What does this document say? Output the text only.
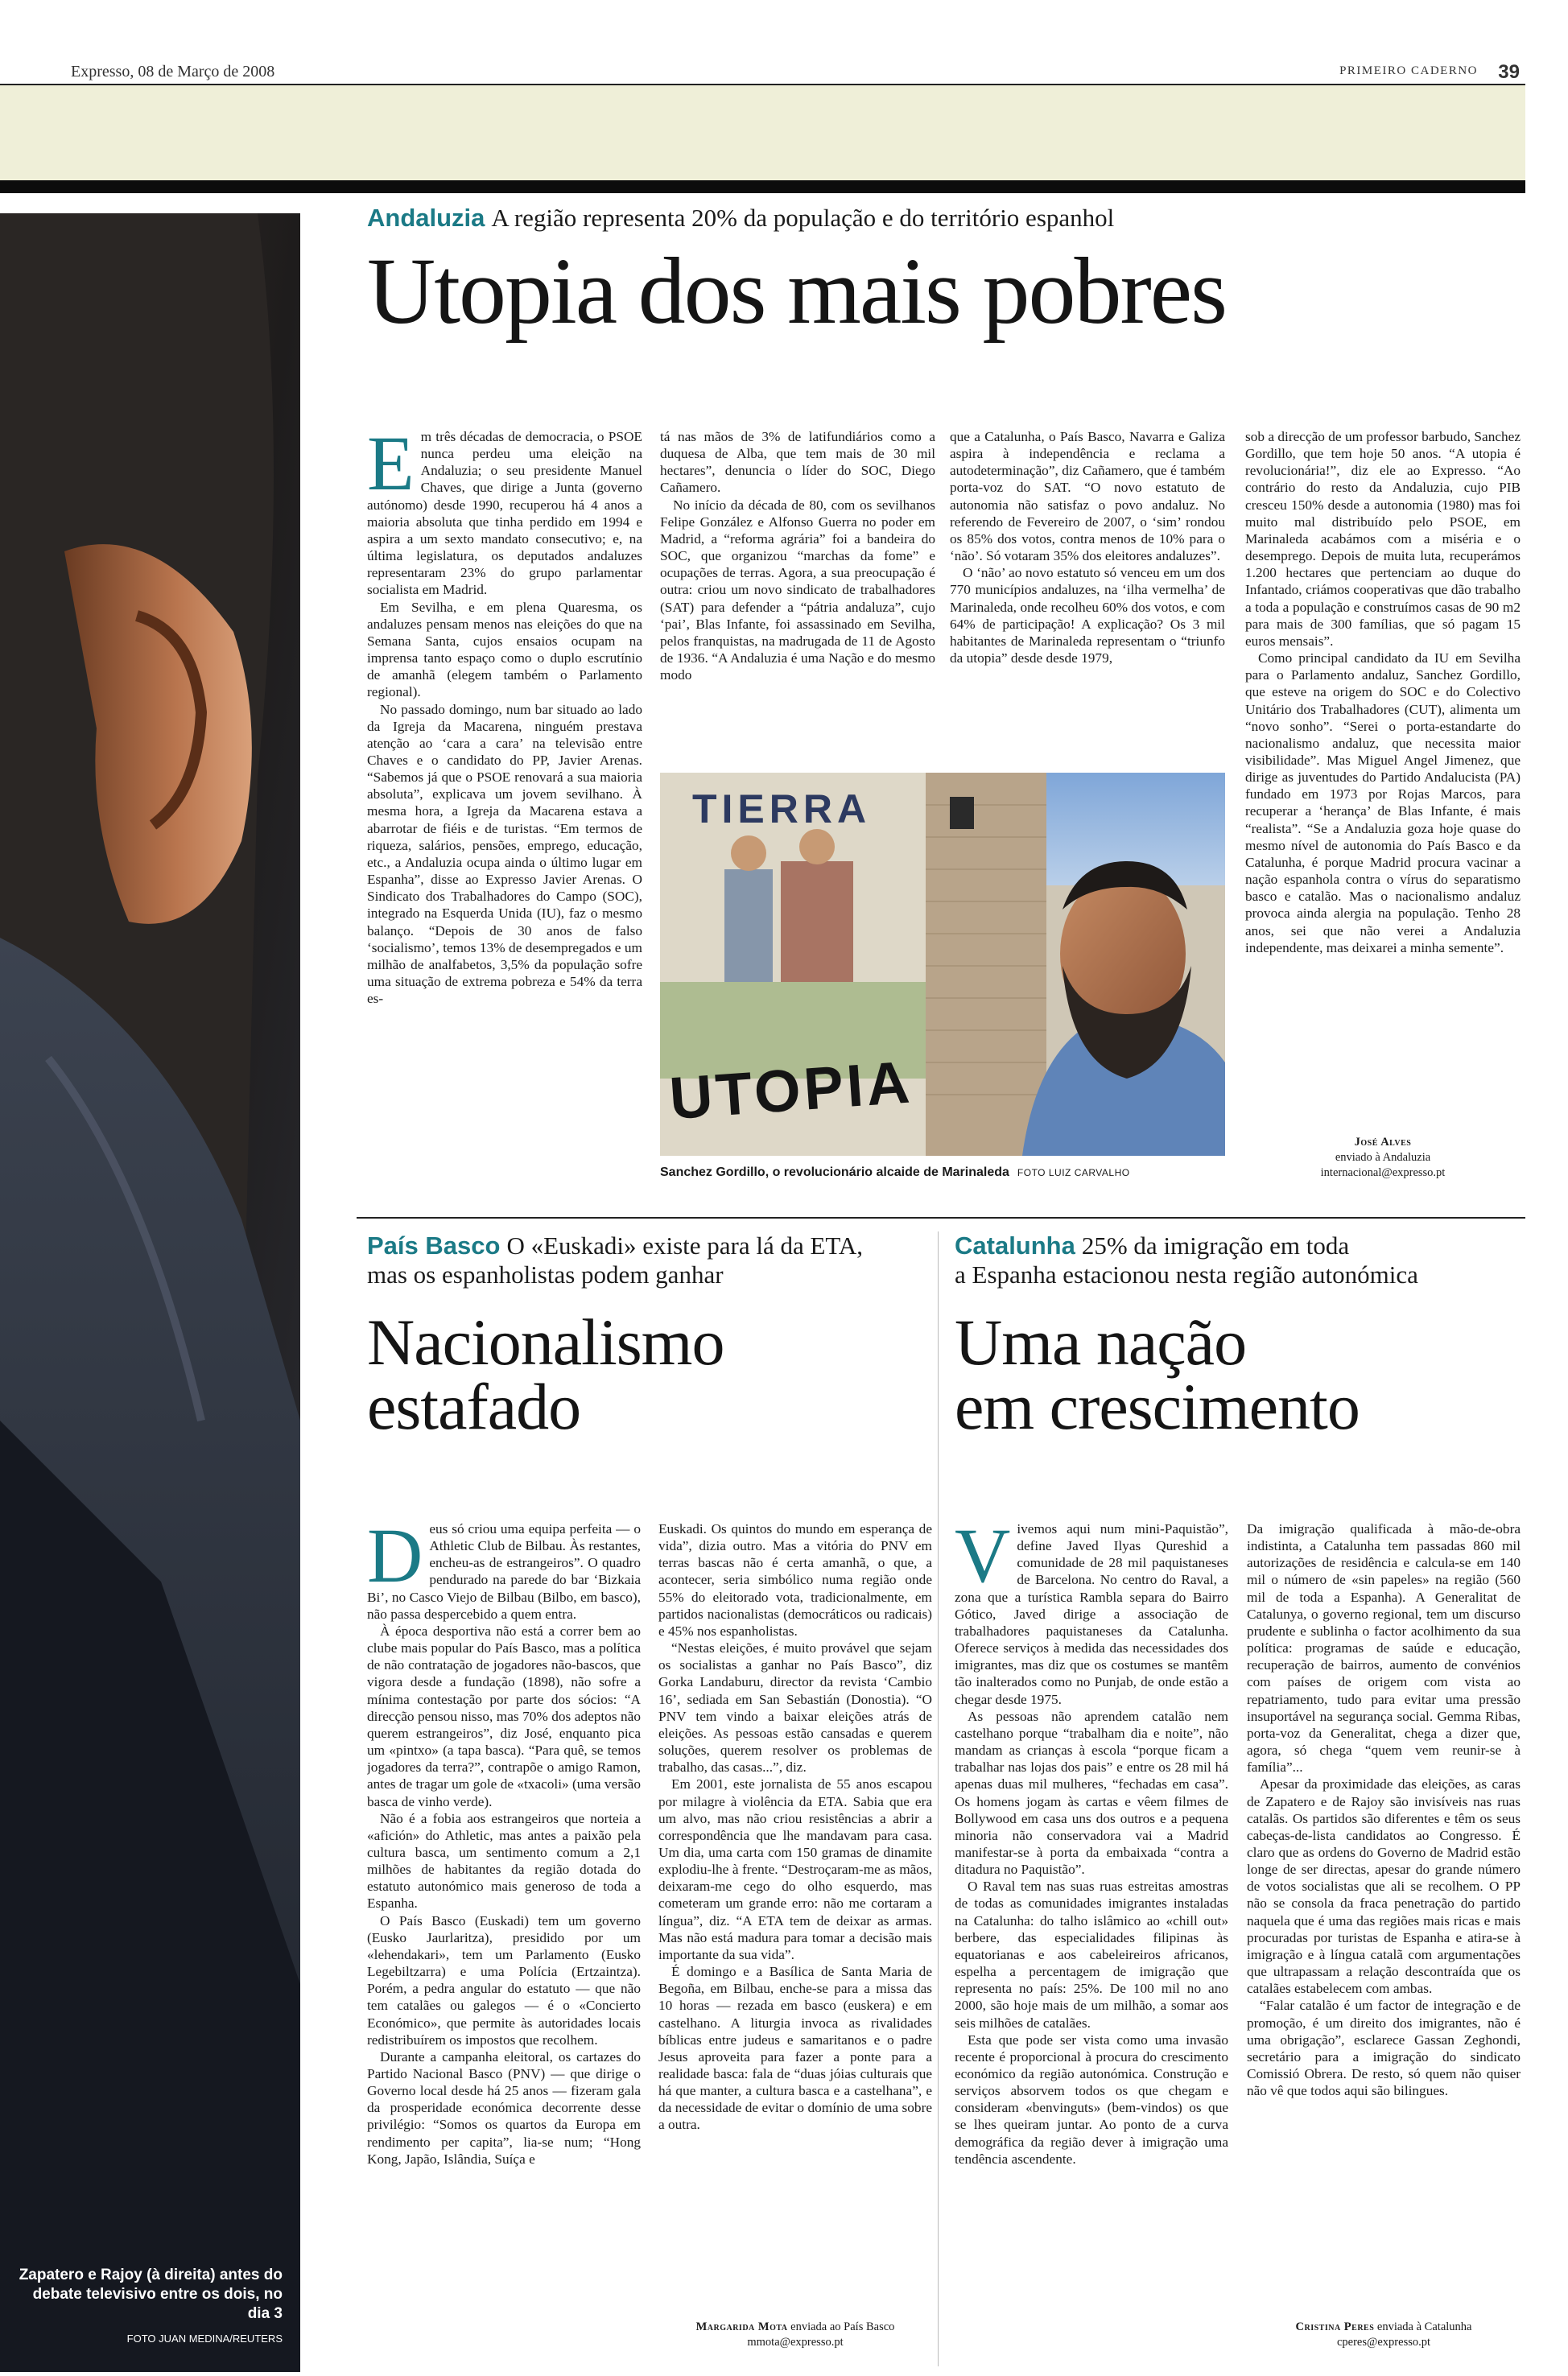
Expresso, 08 de Março de 2008	PRIMEIRO CADERNO 39
Zapatero e Rajoy (à direita) antes do debate televisivo entre os dois, no dia 3
FOTO JUAN MEDINA/REUTERS
Andaluzia A região representa 20% da população e do território espanhol
Utopia dos mais pobres

Em três décadas de democracia, o PSOE nunca perdeu uma eleição na Andaluzia; o seu presidente Manuel Chaves, que dirige a Junta (governo autónomo) desde 1990, recuperou há 4 anos a maioria absoluta que tinha perdido em 1994 e aspira a um sexto mandato consecutivo; e, na última legislatura, os deputados andaluzes representaram 23% do grupo parlamentar socialista em Madrid.

Em Sevilha, e em plena Quaresma, os andaluzes pensam menos nas eleições do que na Semana Santa, cujos ensaios ocupam na imprensa tanto espaço como o duplo escrutínio de amanhã (elegem também o Parlamento regional).

No passado domingo, num bar situado ao lado da Igreja da Macarena, ninguém prestava atenção ao ‘cara a cara’ na televisão entre Chaves e o candidato do PP, Javier Arenas. “Sabemos já que o PSOE renovará a sua maioria absoluta”, explicava um jovem sevilhano. À mesma hora, a Igreja da Macarena estava a abarrotar de fiéis e de turistas. “Em termos de riqueza, salários, pensões, emprego, educação, etc., a Andaluzia ocupa ainda o último lugar em Espanha”, disse ao Expresso Javier Arenas. O Sindicato dos Trabalhadores do Campo (SOC), integrado na Esquerda Unida (IU), faz o mesmo balanço. “Depois de 30 anos de falso ‘socialismo’, temos 13% de desempregados e um milhão de analfabetos, 3,5% da população sofre uma situação de extrema pobreza e 54% da terra es-

tá nas mãos de 3% de latifundiários como a duquesa de Alba, que tem mais de 30 mil hectares”, denuncia o líder do SOC, Diego Cañamero.

No início da década de 80, com os sevilhanos Felipe González e Alfonso Guerra no poder em Madrid, a “reforma agrária” foi a bandeira do SOC, que organizou “marchas da fome” e ocupações de terras. Agora, a sua preocupação é outra: criou um novo sindicato de trabalhadores (SAT) para defender a “pátria andaluza”, cujo ‘pai’, Blas Infante, foi assassinado em Sevilha, pelos franquistas, na madrugada de 11 de Agosto de 1936. “A Andaluzia é uma Nação e do mesmo modo

que a Catalunha, o País Basco, Navarra e Galiza aspira à independência e reclama a autodeterminação”, diz Cañamero, que é também porta-voz do SAT. “O novo estatuto de autonomia não satisfaz o povo andaluz. No referendo de Fevereiro de 2007, o ‘sim’ rondou os 85% dos votos, contra menos de 10% para o ‘não’. Só votaram 35% dos eleitores andaluzes”.

O ‘não’ ao novo estatuto só venceu em um dos 770 municípios andaluzes, na ‘ilha vermelha’ de Marinaleda, onde recolheu 60% dos votos, e com 64% de participação! A explicação? Os 3 mil habitantes de Marinaleda representam o “triunfo da utopia” desde desde 1979,

sob a direcção de um professor barbudo, Sanchez Gordillo, que tem hoje 50 anos. “A utopia é revolucionária!”, diz ele ao Expresso. “Ao contrário do resto da Andaluzia, cujo PIB cresceu 150% desde a autonomia (1980) mas foi muito mal distribuído pelo PSOE, em Marinaleda acabámos com a miséria e o desemprego. Depois de muita luta, recuperámos 1.200 hectares que pertenciam ao duque do Infantado, criámos cooperativas que dão trabalho a toda a população e construímos casas de 90 m2 para mais de 300 famílias, que só pagam 15 euros mensais”.

Como principal candidato da IU em Sevilha para o Parlamento andaluz, Sanchez Gordillo, que esteve na origem do SOC e do Colectivo Unitário dos Trabalhadores (CUT), alimenta um “novo sonho”. “Serei o porta-estandarte do nacionalismo andaluz, que necessita maior visibilidade”. Mas Miguel Angel Jimenez, que dirige as juventudes do Partido Andalucista (PA) fundado em 1973 por Rojas Marcos, para recuperar a ‘herança’ de Blas Infante, é mais “realista”. “Se a Andaluzia goza hoje quase do mesmo nível de autonomia do País Basco e da Catalunha, é porque Madrid procura vacinar a nação espanhola contra o vírus do separatismo basco e catalão. Mas o nacionalismo andaluz provoca ainda alergia na população. Tenho 28 anos, sei que não verei a Andaluzia independente, mas deixarei a minha semente”.

José Alves
enviado à Andaluzia
internacional@expresso.pt
TIERRA
UTOPIA
Sanchez Gordillo, o revolucionário alcaide de Marinaleda FOTO LUIZ CARVALHO
País Basco O «Euskadi» existe para lá da ETA,
mas os espanholistas podem ganhar
Nacionalismo
estafado

Deus só criou uma equipa perfeita — o Athletic Club de Bilbau. Às restantes, encheu-as de estrangeiros”. O quadro pendurado na parede do bar ‘Bizkaia Bi’, no Casco Viejo de Bilbau (Bilbo, em basco), não passa despercebido a quem entra.

À época desportiva não está a correr bem ao clube mais popular do País Basco, mas a política de não contratação de jogadores não-bascos, que vigora desde a fundação (1898), não sofre a mínima contestação por parte dos sócios: “A direcção pensou nisso, mas 70% dos adeptos não querem estrangeiros”, diz José, enquanto pica um «pintxo» (a tapa basca). “Para quê, se temos jogadores da terra?”, contrapõe o amigo Ramon, antes de tragar um gole de «txacoli» (uma versão basca de vinho verde).

Não é a fobia aos estrangeiros que norteia a «afición» do Athletic, mas antes a paixão pela cultura basca, um sentimento comum a 2,1 milhões de habitantes da região dotada do estatuto autonómico mais generoso de toda a Espanha.

O País Basco (Euskadi) tem um governo (Eusko Jaurlaritza), presidido por um «lehendakari», tem um Parlamento (Eusko Legebiltzarra) e uma Polícia (Ertzaintza). Porém, a pedra angular do estatuto — que não tem catalães ou galegos — é o «Concierto Económico», que permite às autoridades locais redistribuírem os impostos que recolhem.

Durante a campanha eleitoral, os cartazes do Partido Nacional Basco (PNV) — que dirige o Governo local desde há 25 anos — fizeram gala da prosperidade económica decorrente desse privilégio: “Somos os quartos da Europa em rendimento per capita”, lia-se num; “Hong Kong, Japão, Islândia, Suíça e

Euskadi. Os quintos do mundo em esperança de vida”, dizia outro. Mas a vitória do PNV em terras bascas não é certa amanhã, o que, a acontecer, seria simbólico numa região onde 55% do eleitorado vota, tradicionalmente, em partidos nacionalistas (democráticos ou radicais) e 45% nos espanholistas.

“Nestas eleições, é muito provável que sejam os socialistas a ganhar no País Basco”, diz Gorka Landaburu, director da revista ‘Cambio 16’, sediada em San Sebastián (Donostia). “O PNV tem vindo a baixar eleições atrás de eleições. As pessoas estão cansadas e querem soluções, querem resolver os problemas de trabalho, das casas...”, diz.

Em 2001, este jornalista de 55 anos escapou por milagre à violência da ETA. Sabia que era um alvo, mas não criou resistências a abrir a correspondência que lhe mandavam para casa. Um dia, uma carta com 150 gramas de dinamite explodiu-lhe à frente. “Destroçaram-me as mãos, deixaram-me cego do olho esquerdo, mas cometeram um grande erro: não me cortaram a língua”, diz. “A ETA tem de deixar as armas. Mas não está madura para tomar a decisão mais importante da sua vida”.

É domingo e a Basílica de Santa Maria de Begoña, em Bilbau, enche-se para a missa das 10 horas — rezada em basco (euskera) e em castelhano. A liturgia invoca as rivalidades bíblicas entre judeus e samaritanos e o padre Jesus aproveita para fazer a ponte para a realidade basca: fala de “duas jóias culturais que há que manter, a cultura basca e a castelhana”, e da necessidade de evitar o domínio de uma sobre a outra.

Margarida Mota enviada ao País Basco
mmota@expresso.pt
Catalunha 25% da imigração em toda
a Espanha estacionou nesta região autonómica
Uma nação
em crescimento

Vivemos aqui num mini-Paquistão”, define Javed Ilyas Qureshid a comunidade de 28 mil paquistaneses de Barcelona. No centro do Raval, a zona que a turística Rambla separa do Bairro Gótico, Javed dirige a associação de trabalhadores paquistaneses da Catalunha. Oferece serviços à medida das necessidades dos imigrantes, mas diz que os costumes se mantêm tão inalterados como no Punjab, de onde estão a chegar desde 1975.

As pessoas não aprendem catalão nem castelhano porque “trabalham dia e noite”, não mandam as crianças à escola “porque ficam a trabalhar nas lojas dos pais” e entre os 28 mil há apenas duas mil mulheres, “fechadas em casa”. Os homens jogam às cartas e vêem filmes de Bollywood em casa uns dos outros e a pequena minoria não conservadora vai a Madrid manifestar-se à porta da embaixada “contra a ditadura no Paquistão”.

O Raval tem nas suas ruas estreitas amostras de todas as comunidades imigrantes instaladas na Catalunha: do talho islâmico ao «chill out» berbere, das especialidades filipinas às equatorianas e aos cabeleireiros africanos, espelha a percentagem de imigração que representa no país: 25%. De 100 mil no ano 2000, são hoje mais de um milhão, a somar aos seis milhões de catalães.

Esta que pode ser vista como uma invasão recente é proporcional à procura do crescimento económico da região autonómica. Construção e serviços absorvem todos os que chegam e consideram «benvinguts» (bem-vindos) os que se lhes queiram juntar. Ao ponto de a curva demográfica da região dever à imigração uma tendência ascendente.

Da imigração qualificada à mão-de-obra indistinta, a Catalunha tem passadas 860 mil autorizações de residência e calcula-se em 140 mil o número de «sin papeles» na região (560 mil de toda a Espanha). A Generalitat de Catalunya, o governo regional, tem um discurso prudente e sublinha o factor acolhimento da sua política: programas de saúde e educação, recuperação de bairros, aumento de convénios com países de origem com vista ao repatriamento, tudo para evitar uma pressão insuportável na segurança social. Gemma Ribas, porta-voz da Generalitat, chega a dizer que, agora, só chega “quem vem reunir-se à família”...

Apesar da proximidade das eleições, as caras de Zapatero e de Rajoy são invisíveis nas ruas catalãs. Os partidos são diferentes e têm os seus cabeças-de-lista candidatos ao Congresso. É claro que as ordens do Governo de Madrid estão longe de ser directas, apesar do grande número de votos socialistas que ali se recolhem. O PP não se consola da fraca penetração do partido naquela que é uma das regiões mais ricas e mais procuradas por turistas de Espanha e atira-se à imigração e à língua catalã com argumentações que ultrapassam a relação descontraída que os catalães estabelecem com ambas.

“Falar catalão é um factor de integração e de promoção, é um direito dos imigrantes, não é uma obrigação”, esclarece Gassan Zeghondi, secretário para a imigração do sindicato Comissió Obrera. De resto, só quem não quiser não vê que todos aqui são bilingues.

Cristina Peres enviada à Catalunha
cperes@expresso.pt
